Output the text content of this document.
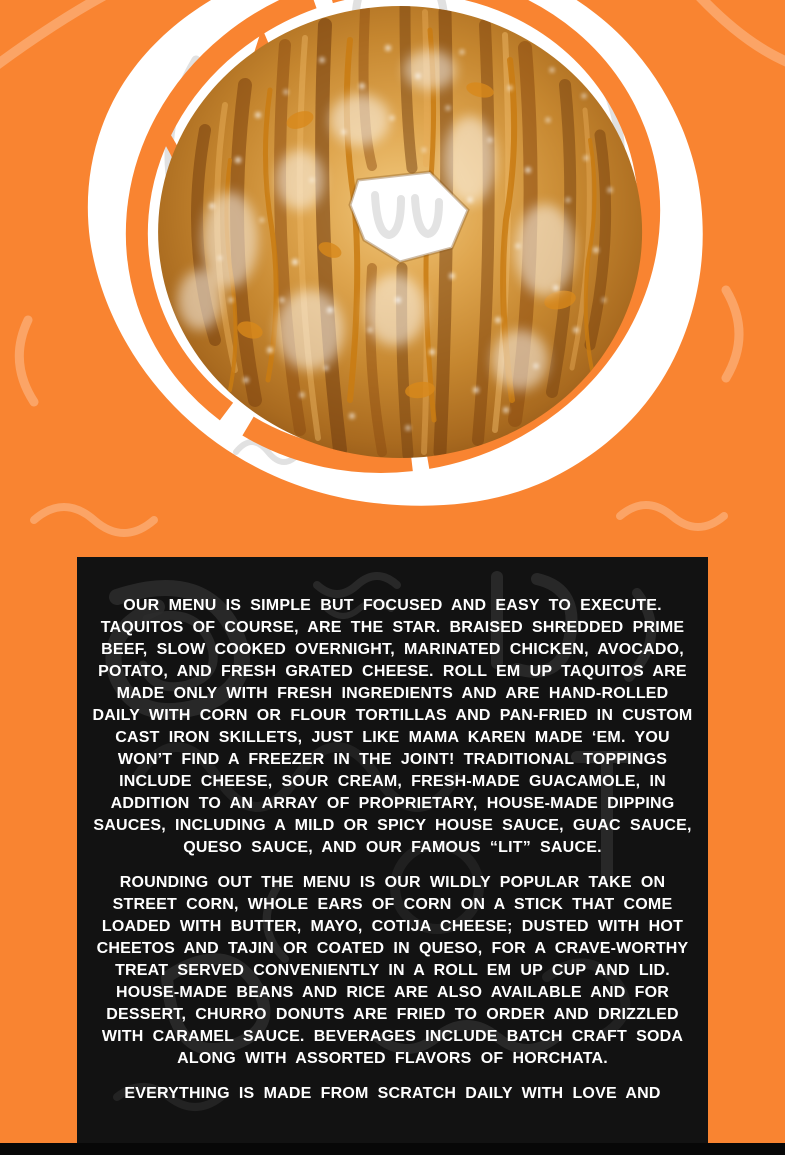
OUR MENU IS SIMPLE BUT FOCUSED AND EASY TO EXECUTE. TAQUITOS OF COURSE, ARE THE STAR. BRAISED SHREDDED PRIME BEEF, SLOW COOKED OVERNIGHT, MARINATED CHICKEN, AVOCADO, POTATO, AND FRESH GRATED CHEESE. ROLL EM UP TAQUITOS ARE MADE ONLY WITH FRESH INGREDIENTS AND ARE HAND-ROLLED DAILY WITH CORN OR FLOUR TORTILLAS AND PAN-FRIED IN CUSTOM CAST IRON SKILLETS, JUST LIKE MAMA KAREN MADE ‘EM. YOU WON’T FIND A FREEZER IN THE JOINT! TRADITIONAL TOPPINGS INCLUDE CHEESE, SOUR CREAM, FRESH-MADE GUACAMOLE, IN ADDITION TO AN ARRAY OF PROPRIETARY, HOUSE-MADE DIPPING SAUCES, INCLUDING A MILD OR SPICY HOUSE SAUCE, GUAC SAUCE, QUESO SAUCE, AND OUR FAMOUS “LIT” SAUCE.

ROUNDING OUT THE MENU IS OUR WILDLY POPULAR TAKE ON STREET CORN, WHOLE EARS OF CORN ON A STICK THAT COME LOADED WITH BUTTER, MAYO, COTIJA CHEESE; DUSTED WITH HOT CHEETOS AND TAJIN OR COATED IN QUESO, FOR A CRAVE-WORTHY TREAT SERVED CONVENIENTLY IN A ROLL EM UP CUP AND LID. HOUSE-MADE BEANS AND RICE ARE ALSO AVAILABLE AND FOR DESSERT, CHURRO DONUTS ARE FRIED TO ORDER AND DRIZZLED WITH CARAMEL SAUCE. BEVERAGES INCLUDE BATCH CRAFT SODA ALONG WITH ASSORTED FLAVORS OF HORCHATA.

EVERYTHING IS MADE FROM SCRATCH DAILY WITH LOVE AND
